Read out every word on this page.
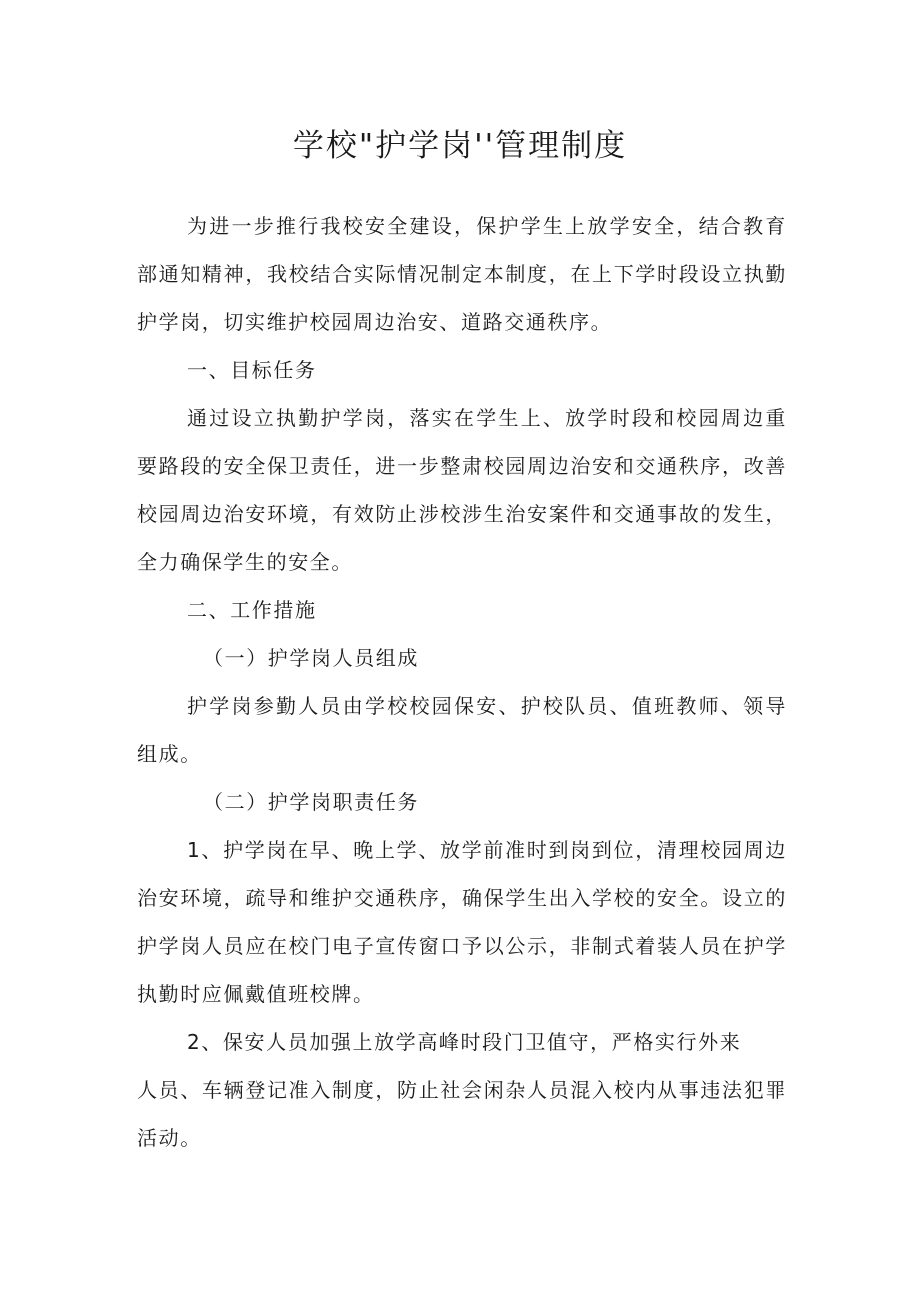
学校"护学岗''管理制度

为进一步推行我校安全建设，保护学生上放学安全，结合教育部通知精神，我校结合实际情况制定本制度，在上下学时段设立执勤护学岗，切实维护校园周边治安、道路交通秩序。

一、目标任务

通过设立执勤护学岗，落实在学生上、放学时段和校园周边重要路段的安全保卫责任，进一步整肃校园周边治安和交通秩序，改善校园周边治安环境，有效防止涉校涉生治安案件和交通事故的发生，全力确保学生的安全。

二、工作措施

（一）护学岗人员组成

护学岗参勤人员由学校校园保安、护校队员、值班教师、领导组成。

（二）护学岗职责任务

1、护学岗在早、晚上学、放学前准时到岗到位，清理校园周边治安环境，疏导和维护交通秩序，确保学生出入学校的安全。设立的护学岗人员应在校门电子宣传窗口予以公示，非制式着装人员在护学执勤时应佩戴值班校牌。

2、保安人员加强上放学高峰时段门卫值守，严格实行外来

人员、车辆登记准入制度，防止社会闲杂人员混入校内从事违法犯罪活动。
